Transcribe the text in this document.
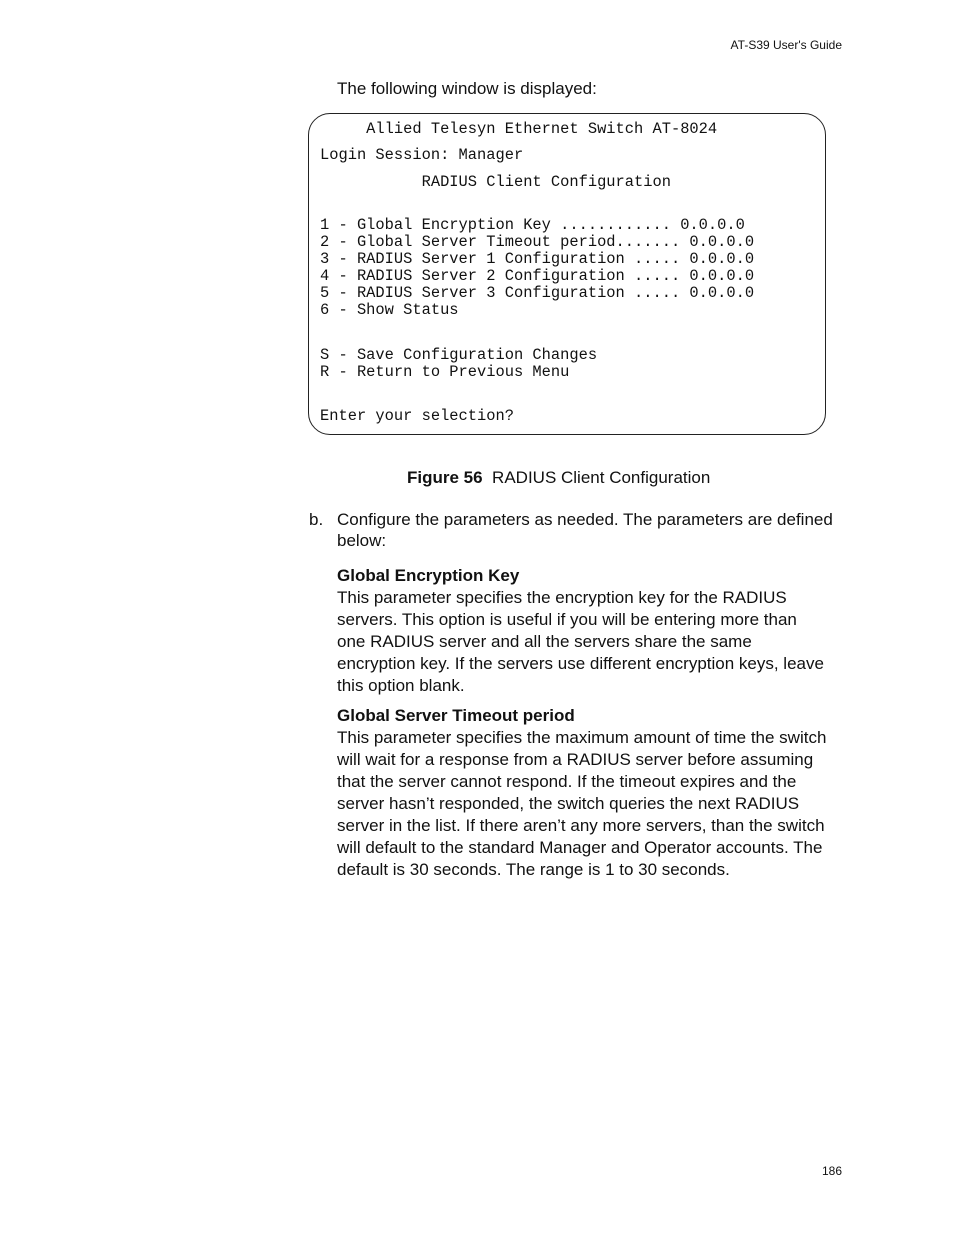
AT-S39 User's Guide
The following window is displayed:
Allied Telesyn Ethernet Switch AT-8024
Login Session: Manager
RADIUS Client Configuration
1 - Global Encryption Key ............ 0.0.0.0
2 - Global Server Timeout period....... 0.0.0.0
3 - RADIUS Server 1 Configuration ..... 0.0.0.0
4 - RADIUS Server 2 Configuration ..... 0.0.0.0
5 - RADIUS Server 3 Configuration ..... 0.0.0.0
6 - Show Status
S - Save Configuration Changes
R - Return to Previous Menu
Enter your selection?
Figure 56 RADIUS Client Configuration
b. Configure the parameters as needed. The parameters are defined below:
Global Encryption Key
This parameter specifies the encryption key for the RADIUS servers. This option is useful if you will be entering more than one RADIUS server and all the servers share the same encryption key. If the servers use different encryption keys, leave this option blank.
Global Server Timeout period
This parameter specifies the maximum amount of time the switch will wait for a response from a RADIUS server before assuming that the server cannot respond. If the timeout expires and the server hasn’t responded, the switch queries the next RADIUS server in the list. If there aren’t any more servers, than the switch will default to the standard Manager and Operator accounts. The default is 30 seconds. The range is 1 to 30 seconds.
186
